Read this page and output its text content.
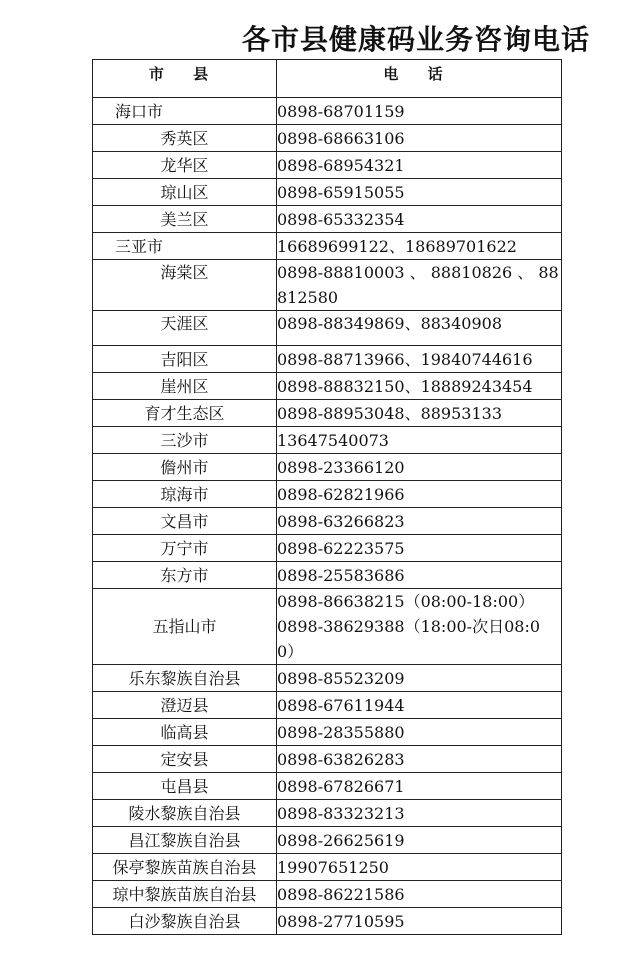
各市县健康码业务咨询电话
市 县	电 话
海口市	0898-68701159
秀英区	0898-68663106
龙华区	0898-68954321
琼山区	0898-65915055
美兰区	0898-65332354
三亚市	16689699122、18689701622
海棠区	0898-88810003 、 88810826 、 88812580
天涯区	0898-88349869、88340908
吉阳区	0898-88713966、19840744616
崖州区	0898-88832150、18889243454
育才生态区	0898-88953048、88953133
三沙市	13647540073
儋州市	0898-23366120
琼海市	0898-62821966
文昌市	0898-63266823
万宁市	0898-62223575
东方市	0898-25583686
五指山市	0898-86638215（08:00-18:00） 0898-38629388（18:00-次日08:00）
乐东黎族自治县	0898-85523209
澄迈县	0898-67611944
临高县	0898-28355880
定安县	0898-63826283
屯昌县	0898-67826671
陵水黎族自治县	0898-83323213
昌江黎族自治县	0898-26625619
保亭黎族苗族自治县	19907651250
琼中黎族苗族自治县	0898-86221586
白沙黎族自治县	0898-27710595
